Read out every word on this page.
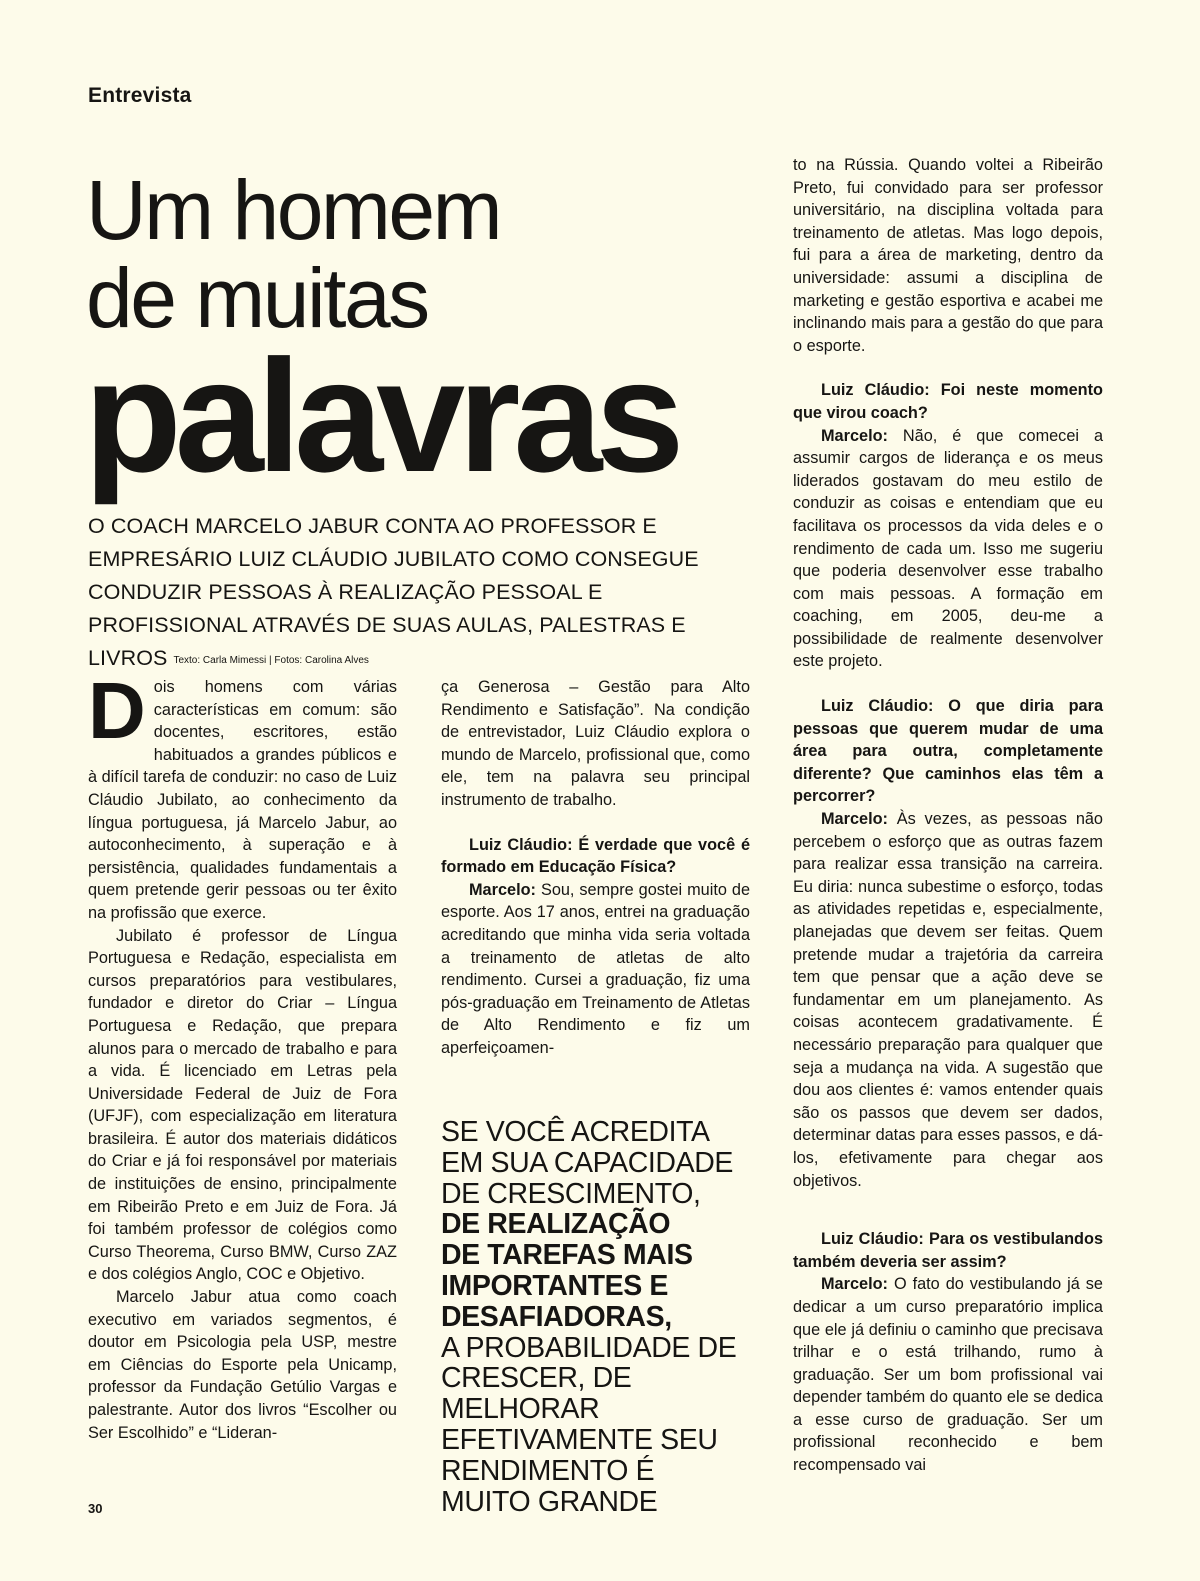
Entrevista
Um homem
de muitas
palavras
O COACH MARCELO JABUR CONTA AO PROFESSOR E EMPRESÁRIO LUIZ CLÁUDIO JUBILATO COMO CONSEGUE CONDUZIR PESSOAS À REALIZAÇÃO PESSOAL E PROFISSIONAL ATRAVÉS DE SUAS AULAS, PALESTRAS E LIVROS Texto: Carla Mimessi | Fotos: Carolina Alves

Dois homens com várias características em comum: são docentes, escritores, estão habituados a grandes públicos e à difícil tarefa de conduzir: no caso de Luiz Cláudio Jubilato, ao conhecimento da língua portuguesa, já Marcelo Jabur, ao autoconhecimento, à superação e à persistência, qualidades fundamentais a quem pretende gerir pessoas ou ter êxito na profissão que exerce.

Jubilato é professor de Língua Portuguesa e Redação, especialista em cursos preparatórios para vestibulares, fundador e diretor do Criar – Língua Portuguesa e Redação, que prepara alunos para o mercado de trabalho e para a vida. É licenciado em Letras pela Universidade Federal de Juiz de Fora (UFJF), com especialização em literatura brasileira. É autor dos materiais didáticos do Criar e já foi responsável por materiais de instituições de ensino, principalmente em Ribeirão Preto e em Juiz de Fora. Já foi também professor de colégios como Curso Theorema, Curso BMW, Curso ZAZ e dos colégios Anglo, COC e Objetivo.

Marcelo Jabur atua como coach executivo em variados segmentos, é doutor em Psicologia pela USP, mestre em Ciências do Esporte pela Unicamp, professor da Fundação Getúlio Vargas e palestrante. Autor dos livros “Escolher ou Ser Escolhido” e “Lideran-

ça Generosa – Gestão para Alto Rendimento e Satisfação”. Na condição de entrevistador, Luiz Cláudio explora o mundo de Marcelo, profissional que, como ele, tem na palavra seu principal instrumento de trabalho.

Luiz Cláudio: É verdade que você é formado em Educação Física?

Marcelo: Sou, sempre gostei muito de esporte. Aos 17 anos, entrei na graduação acreditando que minha vida seria voltada a treinamento de atletas de alto rendimento. Cursei a graduação, fiz uma pós-graduação em Treinamento de Atletas de Alto Rendimento e fiz um aperfeiçoamen-

SE VOCÊ ACREDITA
EM SUA CAPACIDADE
DE CRESCIMENTO,
DE REALIZAÇÃO
DE TAREFAS MAIS
IMPORTANTES E
DESAFIADORAS,
A PROBABILIDADE DE
CRESCER, DE MELHORAR
EFETIVAMENTE SEU
RENDIMENTO É
MUITO GRANDE

to na Rússia. Quando voltei a Ribeirão Preto, fui convidado para ser professor universitário, na disciplina voltada para treinamento de atletas. Mas logo depois, fui para a área de marketing, dentro da universidade: assumi a disciplina de marketing e gestão esportiva e acabei me inclinando mais para a gestão do que para o esporte.

Luiz Cláudio: Foi neste momento que virou coach?

Marcelo: Não, é que comecei a assumir cargos de liderança e os meus liderados gostavam do meu estilo de conduzir as coisas e entendiam que eu facilitava os processos da vida deles e o rendimento de cada um. Isso me sugeriu que poderia desenvolver esse trabalho com mais pessoas. A formação em coaching, em 2005, deu-me a possibilidade de realmente desenvolver este projeto.

Luiz Cláudio: O que diria para pessoas que querem mudar de uma área para outra, completamente diferente? Que caminhos elas têm a percorrer?

Marcelo: Às vezes, as pessoas não percebem o esforço que as outras fazem para realizar essa transição na carreira. Eu diria: nunca subestime o esforço, todas as atividades repetidas e, especialmente, planejadas que devem ser feitas. Quem pretende mudar a trajetória da carreira tem que pensar que a ação deve se fundamentar em um planejamento. As coisas acontecem gradativamente. É necessário preparação para qualquer que seja a mudança na vida. A sugestão que dou aos clientes é: vamos entender quais são os passos que devem ser dados, determinar datas para esses passos, e dá-los, efetivamente para chegar aos objetivos.

Luiz Cláudio: Para os vestibulandos também deveria ser assim?

Marcelo: O fato do vestibulando já se dedicar a um curso preparatório implica que ele já definiu o caminho que precisava trilhar e o está trilhando, rumo à graduação. Ser um bom profissional vai depender também do quanto ele se dedica a esse curso de graduação. Ser um profissional reconhecido e bem recompensado vai

30
